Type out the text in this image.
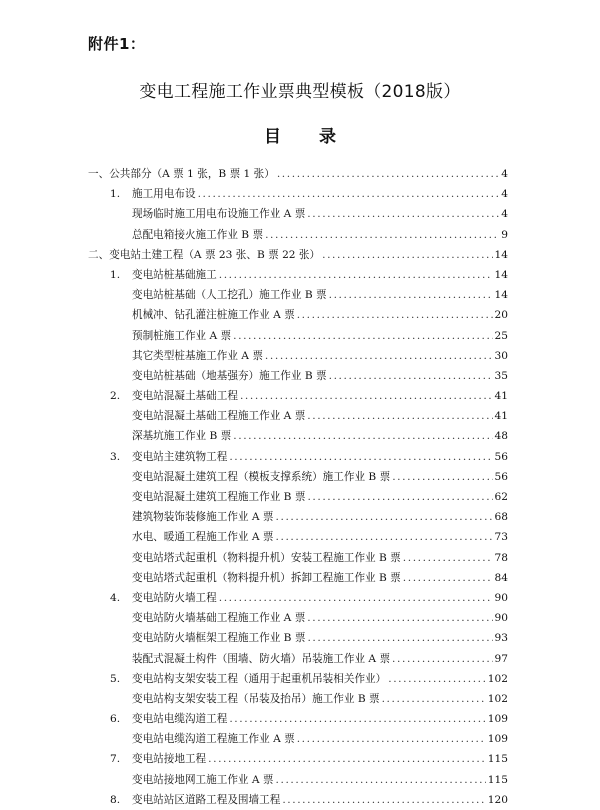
附件1：
变电工程施工作业票典型模板（2018版）
目 录
一、 公共部分（A 票 1 张，B 票 1 张） .....	4
1.	施工用电布设 .....	4
现场临时施工用电布设施工作业 A 票 .....	4
总配电箱接火施工作业 B 票 .....	9
二、 变电站土建工程（A 票 23 张、B 票 22 张） .....	14
1.	变电站桩基础施工 .....	14
变电站桩基础（人工挖孔）施工作业 B 票 .....	14
机械冲、钻孔灌注桩施工作业 A 票 .....	20
预制桩施工作业 A 票 .....	25
其它类型桩基施工作业 A 票 .....	30
变电站桩基础（地基强夯）施工作业 B 票 .....	35
2.	变电站混凝土基础工程 .....	41
变电站混凝土基础工程施工作业 A 票 .....	41
深基坑施工作业 B 票 .....	48
3.	变电站主建筑物工程 .....	56
变电站混凝土建筑工程（模板支撑系统）施工作业 B 票 .....	56
变电站混凝土建筑工程施工作业 B 票 .....	62
建筑物装饰装修施工作业 A 票 .....	68
水电、暖通工程施工作业 A 票 .....	73
变电站塔式起重机（物料提升机）安装工程施工作业 B 票 .....	78
变电站塔式起重机（物料提升机）拆卸工程施工作业 B 票 .....	84
4.	变电站防火墙工程 .....	90
变电站防火墙基础工程施工作业 A 票 .....	90
变电站防火墙框架工程施工作业 B 票 .....	93
装配式混凝土构件（围墙、防火墙）吊装施工作业 A 票 .....	97
5.	变电站构支架安装工程（通用于起重机吊装相关作业） .....	102
变电站构支架安装工程（吊装及抬吊）施工作业 B 票 .....	102
6.	变电站电缆沟道工程 .....	109
变电站电缆沟道工程施工作业 A 票 .....	109
7.	变电站接地工程 .....	115
变电站接地网工施工作业 A 票 .....	115
8.	变电站站区道路工程及围墙工程 .....	120
